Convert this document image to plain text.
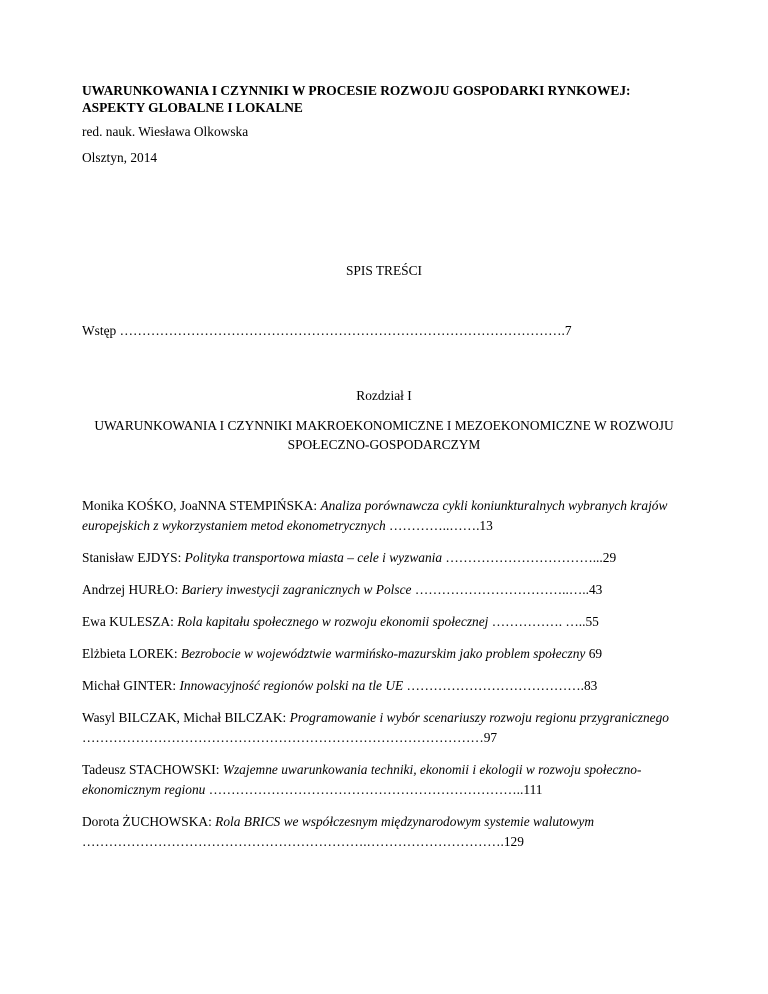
UWARUNKOWANIA I CZYNNIKI W PROCESIE ROZWOJU GOSPODARKI RYNKOWEJ: ASPEKTY GLOBALNE I LOKALNE

red. nauk. Wiesława Olkowska

Olsztyn, 2014

SPIS TREŚCI
Wstęp ……………………………………………………………………………………….7
Rozdział I
UWARUNKOWANIA I CZYNNIKI MAKROEKONOMICZNE I MEZOEKONOMICZNE W ROZWOJU SPOŁECZNO-GOSPODARCZYM
Monika KOŚKO, JoaNNA STEMPIŃSKA: Analiza porównawcza cykli koniunkturalnych wybranych krajów europejskich z wykorzystaniem metod ekonometrycznych …………..…….13
Stanisław EJDYS: Polityka transportowa miasta – cele i wyzwania ……………………………...29
Andrzej HURŁO: Bariery inwestycji zagranicznych w Polsce ……………………………..…..43
Ewa KULESZA: Rola kapitału społecznego w rozwoju ekonomii społecznej ……………. …..55
Elżbieta LOREK: Bezrobocie w województwie warmińsko-mazurskim jako problem społeczny 69
Michał GINTER: Innowacyjność regionów polski na tle UE ………………………………….83
Wasyl BILCZAK, Michał BILCZAK: Programowanie i wybór scenariuszy rozwoju regionu przygranicznego ………………………………………………………………………………97
Tadeusz STACHOWSKI: Wzajemne uwarunkowania techniki, ekonomii i ekologii w rozwoju społeczno-ekonomicznym regionu ……………………………………………………………..111
Dorota ŻUCHOWSKA: Rola BRICS we współczesnym międzynarodowym systemie walutowym ……………………………………………………….………………………….129
